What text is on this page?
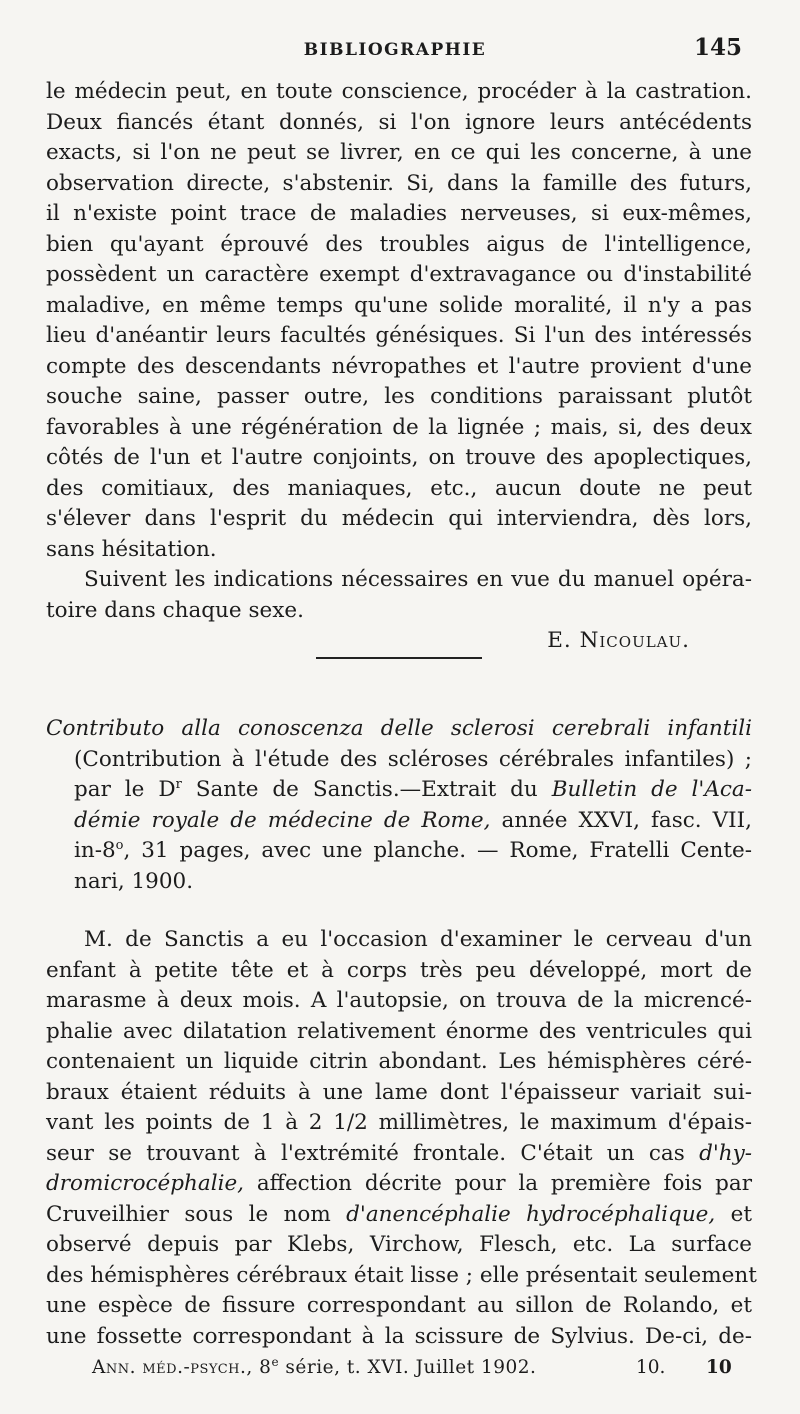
BIBLIOGRAPHIE	145
le médecin peut, en toute conscience, procéder à la castration.
Deux fiancés étant donnés, si l'on ignore leurs antécédents
exacts, si l'on ne peut se livrer, en ce qui les concerne, à une
observation directe, s'abstenir. Si, dans la famille des futurs,
il n'existe point trace de maladies nerveuses, si eux-mêmes,
bien qu'ayant éprouvé des troubles aigus de l'intelligence,
possèdent un caractère exempt d'extravagance ou d'instabilité
maladive, en même temps qu'une solide moralité, il n'y a pas
lieu d'anéantir leurs facultés génésiques. Si l'un des intéressés
compte des descendants névropathes et l'autre provient d'une
souche saine, passer outre, les conditions paraissant plutôt
favorables à une régénération de la lignée ; mais, si, des deux
côtés de l'un et l'autre conjoints, on trouve des apoplectiques,
des comitiaux, des maniaques, etc., aucun doute ne peut
s'élever dans l'esprit du médecin qui interviendra, dès lors,
sans hésitation.
Suivent les indications nécessaires en vue du manuel opéra-
toire dans chaque sexe.
E. Nicoulau.
Contributo alla conoscenza delle sclerosi cerebrali infantili
(Contribution à l'étude des scléroses cérébrales infantiles) ;
par le $D^r$ Sante de Sanctis.—Extrait du Bulletin de l'Aca-
démie royale de médecine de Rome, année XXVI, fasc. VII,
in-8$^o$, 31 pages, avec une planche. — Rome, Fratelli Cente-
nari, 1900.
M. de Sanctis a eu l'occasion d'examiner le cerveau d'un
enfant à petite tête et à corps très peu développé, mort de
marasme à deux mois. A l'autopsie, on trouva de la micrencé-
phalie avec dilatation relativement énorme des ventricules qui
contenaient un liquide citrin abondant. Les hémisphères céré-
braux étaient réduits à une lame dont l'épaisseur variait sui-
vant les points de 1 à 2 1/2 millimètres, le maximum d'épais-
seur se trouvant à l'extrémité frontale. C'était un cas d'hy-
dromicrocéphalie, affection décrite pour la première fois par
Cruveilhier sous le nom d'anencéphalie hydrocéphalique, et
observé depuis par Klebs, Virchow, Flesch, etc. La surface
des hémisphères cérébraux était lisse ; elle présentait seulement
une espèce de fissure correspondant au sillon de Rolando, et
une fossette correspondant à la scissure de Sylvius. De-ci, de-
Ann. méd.-psych., 8e série, t. XVI. Juillet 1902.	10. 10
